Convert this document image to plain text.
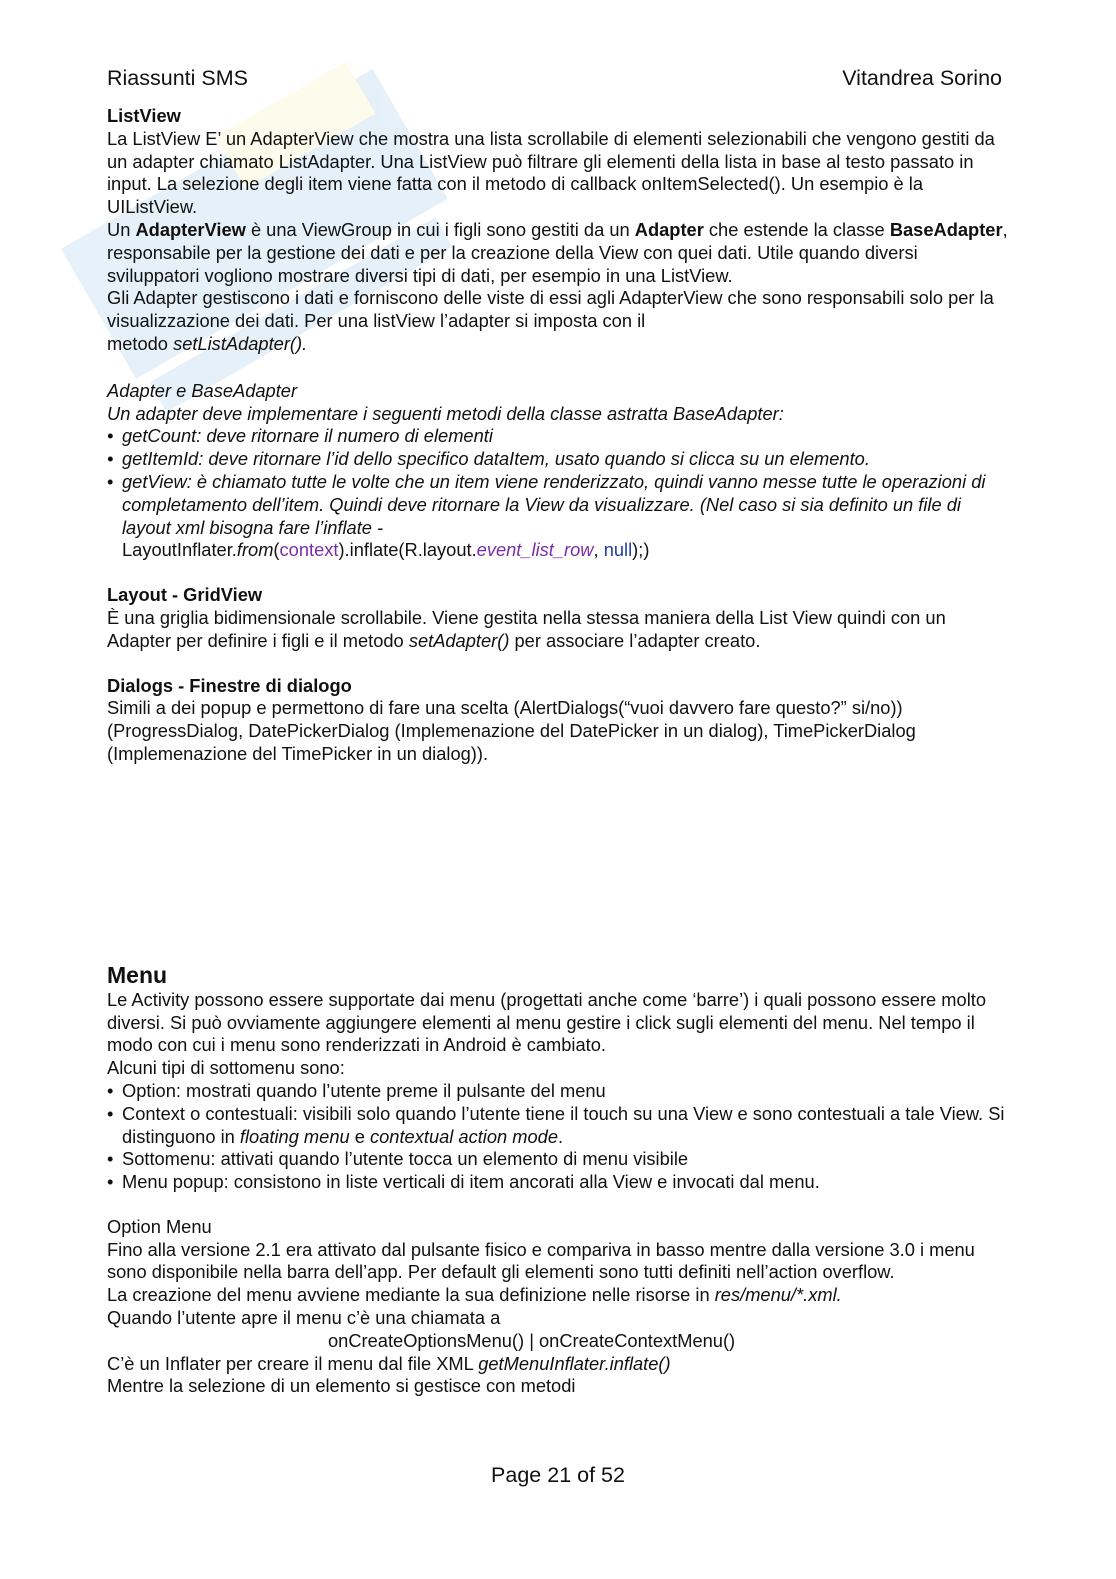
Riassunti SMS	Vitandrea Sorino

ListView

La ListView E’ un AdapterView che mostra una lista scrollabile di elementi selezionabili che vengono gestiti da un adapter chiamato ListAdapter. Una ListView può filtrare gli elementi della lista in base al testo passato in input. La selezione degli item viene fatta con il metodo di callback onItemSelected(). Un esempio è la UIListView.

Un AdapterView è una ViewGroup in cui i figli sono gestiti da un Adapter che estende la classe BaseAdapter, responsabile per la gestione dei dati e per la creazione della View con quei dati. Utile quando diversi sviluppatori vogliono mostrare diversi tipi di dati, per esempio in una ListView.

Gli Adapter gestiscono i dati e forniscono delle viste di essi agli AdapterView che sono responsabili solo per la visualizzazione dei dati. Per una listView l’adapter si imposta con il

metodo setListAdapter().

Adapter e BaseAdapter

Un adapter deve implementare i seguenti metodi della classe astratta BaseAdapter:

• getCount: deve ritornare il numero di elementi
• getItemId: deve ritornare l’id dello specifico dataItem, usato quando si clicca su un elemento.
• getView: è chiamato tutte le volte che un item viene renderizzato, quindi vanno messe tutte le operazioni di completamento dell’item. Quindi deve ritornare la View da visualizzare. (Nel caso si sia definito un file di layout xml bisogna fare l’inflate -
LayoutInflater.from(context).inflate(R.layout.event_list_row, null);)

Layout - GridView

È una griglia bidimensionale scrollabile. Viene gestita nella stessa maniera della List View quindi con un Adapter per definire i figli e il metodo setAdapter() per associare l’adapter creato.

Dialogs - Finestre di dialogo

Simili a dei popup e permettono di fare una scelta (AlertDialogs(“vuoi davvero fare questo?” si/no)) (ProgressDialog, DatePickerDialog (Implemenazione del DatePicker in un dialog), TimePickerDialog (Implemenazione del TimePicker in un dialog)).

Menu

Le Activity possono essere supportate dai menu (progettati anche come ‘barre’) i quali possono essere molto diversi. Si può ovviamente aggiungere elementi al menu gestire i click sugli elementi del menu. Nel tempo il modo con cui i menu sono renderizzati in Android è cambiato.

Alcuni tipi di sottomenu sono:

• Option: mostrati quando l’utente preme il pulsante del menu
• Context o contestuali: visibili solo quando l’utente tiene il touch su una View e sono contestuali a tale View. Si distinguono in floating menu e contextual action mode.
• Sottomenu: attivati quando l’utente tocca un elemento di menu visibile
• Menu popup: consistono in liste verticali di item ancorati alla View e invocati dal menu.

Option Menu

Fino alla versione 2.1 era attivato dal pulsante fisico e compariva in basso mentre dalla versione 3.0 i menu sono disponibile nella barra dell’app. Per default gli elementi sono tutti definiti nell’action overflow.

La creazione del menu avviene mediante la sua definizione nelle risorse in res/menu/*.xml.

Quando l’utente apre il menu c’è una chiamata a

onCreateOptionsMenu() | onCreateContextMenu()

C’è un Inflater per creare il menu dal file XML getMenuInflater.inflate()

Mentre la selezione di un elemento si gestisce con metodi

Page 21 of 52
